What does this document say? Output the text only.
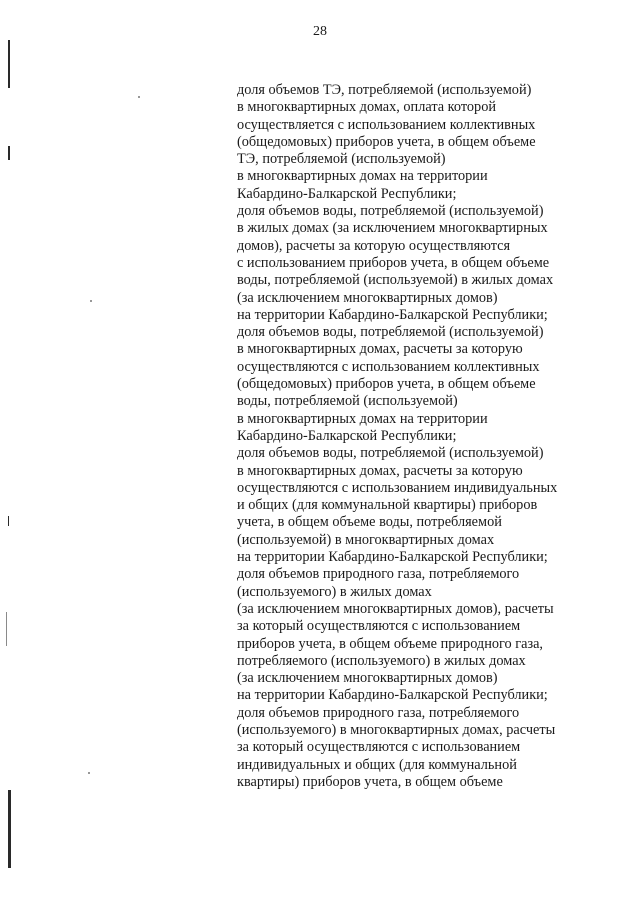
28
доля объемов ТЭ, потребляемой (используемой)
в многоквартирных домах, оплата которой
осуществляется с использованием коллективных
(общедомовых) приборов учета, в общем объеме
ТЭ, потребляемой (используемой)
в многоквартирных домах на территории
Кабардино-Балкарской Республики;
доля объемов воды, потребляемой (используемой)
в жилых домах (за исключением многоквартирных
домов), расчеты за которую осуществляются
с использованием приборов учета, в общем объеме
воды, потребляемой (используемой) в жилых домах
(за исключением многоквартирных домов)
на территории Кабардино-Балкарской Республики;
доля объемов воды, потребляемой (используемой)
в многоквартирных домах, расчеты за которую
осуществляются с использованием коллективных
(общедомовых) приборов учета, в общем объеме
воды, потребляемой (используемой)
в многоквартирных домах на территории
Кабардино-Балкарской Республики;
доля объемов воды, потребляемой (используемой)
в многоквартирных домах, расчеты за которую
осуществляются с использованием индивидуальных
и общих (для коммунальной квартиры) приборов
учета, в общем объеме воды, потребляемой
(используемой) в многоквартирных домах
на территории Кабардино-Балкарской Республики;
доля объемов природного газа, потребляемого
(используемого) в жилых домах
(за исключением многоквартирных домов), расчеты
за который осуществляются с использованием
приборов учета, в общем объеме природного газа,
потребляемого (используемого) в жилых домах
(за исключением многоквартирных домов)
на территории Кабардино-Балкарской Республики;
доля объемов природного газа, потребляемого
(используемого) в многоквартирных домах, расчеты
за который осуществляются с использованием
индивидуальных и общих (для коммунальной
квартиры) приборов учета, в общем объеме
